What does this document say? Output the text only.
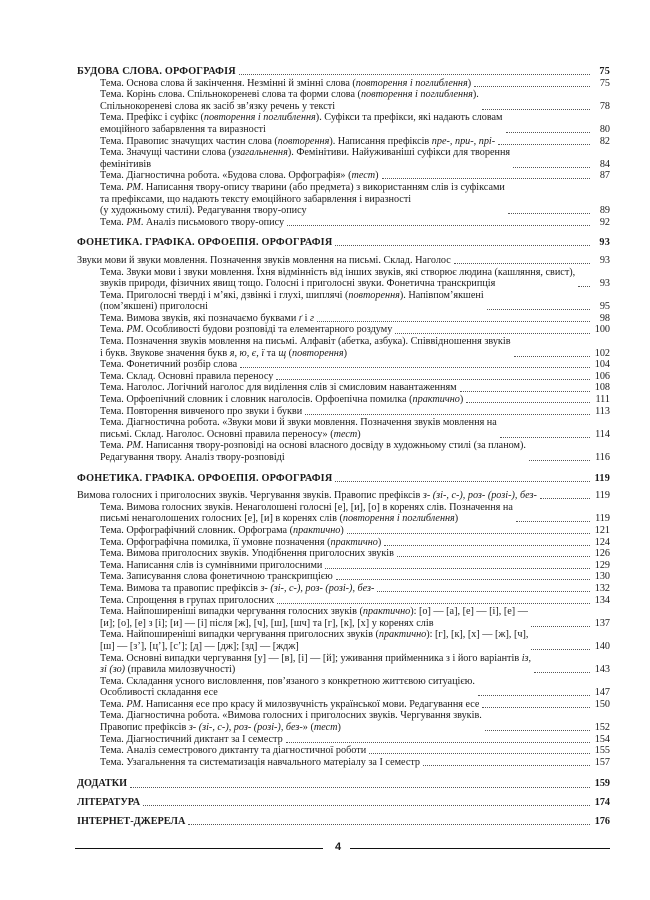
БУДОВА СЛОВА. ОРФОГРАФІЯ	75
Тема. Основа слова й закінчення. Незмінні й змінні слова (повторення і поглиблення)	75
Тема. Корінь слова. Спільнокореневі слова та форми слова (повторення і поглиблення).
Спільнокореневі слова як засіб зв’язку речень у тексті	78
Тема. Префікс і суфікс (повторення і поглиблення). Суфікси та префікси, які надають словам
емоційного забарвлення та виразності	80
Тема. Правопис значущих частин слова (повторення). Написання префіксів пре-, при-, прі-	82
Тема. Значущі частини слова (узагальнення). Фемінітиви. Найуживаніші суфікси для творення
фемінітивів	84
Тема. Діагностична робота. «Будова слова. Орфографія» (тест)	87
Тема. РМ. Написання твору-опису тварини (або предмета) з використанням слів із суфіксами
та префіксами, що надають тексту емоційного забарвлення і виразності
(у художньому стилі). Редагування твору-опису	89
Тема. РМ. Аналіз письмового твору-опису	92
ФОНЕТИКА. ГРАФІКА. ОРФОЕПІЯ. ОРФОГРАФІЯ	93
Звуки мови й звуки мовлення. Позначення звуків мовлення на письмі. Склад. Наголос	93
Тема. Звуки мови і звуки мовлення. Їхня відмінність від інших звуків, які створює людина (кашляння, свист),
звуків природи, фізичних явищ тощо. Голосні і приголосні звуки. Фонетична транскрипція	93
Тема. Приголосні тверді і м’які, дзвінкі і глухі, шиплячі (повторення). Напівпом’якшені
(пом’якшені) приголосні	95
Тема. Вимова звуків, які позначаємо буквами ґ і г	98
Тема. РМ. Особливості будови розповіді та елементарного роздуму	100
Тема. Позначення звуків мовлення на письмі. Алфавіт (абетка, азбука). Співвідношення звуків
і букв. Звукове значення букв я, ю, є, ї та щ (повторення)	102
Тема. Фонетичний розбір слова	104
Тема. Склад. Основні правила переносу	106
Тема. Наголос. Логічний наголос для виділення слів зі смисловим навантаженням	108
Тема. Орфоепічний словник і словник наголосів. Орфоепічна помилка (практично)	111
Тема. Повторення вивченого про звуки і букви	113
Тема. Діагностична робота. «Звуки мови й звуки мовлення. Позначення звуків мовлення на
письмі. Склад. Наголос. Основні правила переносу» (тест)	114
Тема. РМ. Написання твору-розповіді на основі власного досвіду в художньому стилі (за планом).
Редагування твору. Аналіз твору-розповіді	116
ФОНЕТИКА. ГРАФІКА. ОРФОЕПІЯ. ОРФОГРАФІЯ	119
Вимова голосних і приголосних звуків. Чергування звуків. Правопис префіксів з- (зі-, с-), роз- (розі-), без-	119
Тема. Вимова голосних звуків. Ненаголошені голосні [е], [и], [о] в коренях слів. Позначення на
письмі ненаголошених голосних [е], [и] в коренях слів (повторення і поглиблення)	119
Тема. Орфографічний словник. Орфограма (практично)	121
Тема. Орфографічна помилка, її умовне позначення (практично)	124
Тема. Вимова приголосних звуків. Уподібнення приголосних звуків	126
Тема. Написання слів із сумнівними приголосними	129
Тема. Записування слова фонетичною транскрипцією	130
Тема. Вимова та правопис префіксів з- (зі-, с-), роз- (розі-), без-	132
Тема. Спрощення в групах приголосних	134
Тема. Найпоширеніші випадки чергування голосних звуків (практично): [о] — [а], [е] — [і], [е] —
[и]; [о], [е] з [і]; [и] — [і] після [ж], [ч], [ш], [шч] та [г], [к], [х] у коренях слів	137
Тема. Найпоширеніші випадки чергування приголосних звуків (практично): [г], [к], [х] — [ж], [ч],
[ш] — [з’], [ц’], [с’]; [д] — [дж]; [зд] — [ждж]	140
Тема. Основні випадки чергування [у] — [в], [і] — [й]; уживання прийменника з і його варіантів із,
зі (зо) (правила милозвучності)	143
Тема. Складання усного висловлення, пов’язаного з конкретною життєвою ситуацією.
Особливості складання есе	147
Тема. РМ. Написання есе про красу й милозвучність української мови. Редагування есе	150
Тема. Діагностична робота. «Вимова голосних і приголосних звуків. Чергування звуків.
Правопис префіксів з- (зі-, с-), роз- (розі-), без-» (тест)	152
Тема. Діагностичний диктант за I семестр	154
Тема. Аналіз семестрового диктанту та діагностичної роботи	155
Тема. Узагальнення та систематизація навчального матеріалу за I семестр	157
ДОДАТКИ	159
ЛІТЕРАТУРА	174
ІНТЕРНЕТ-ДЖЕРЕЛА	176
4
